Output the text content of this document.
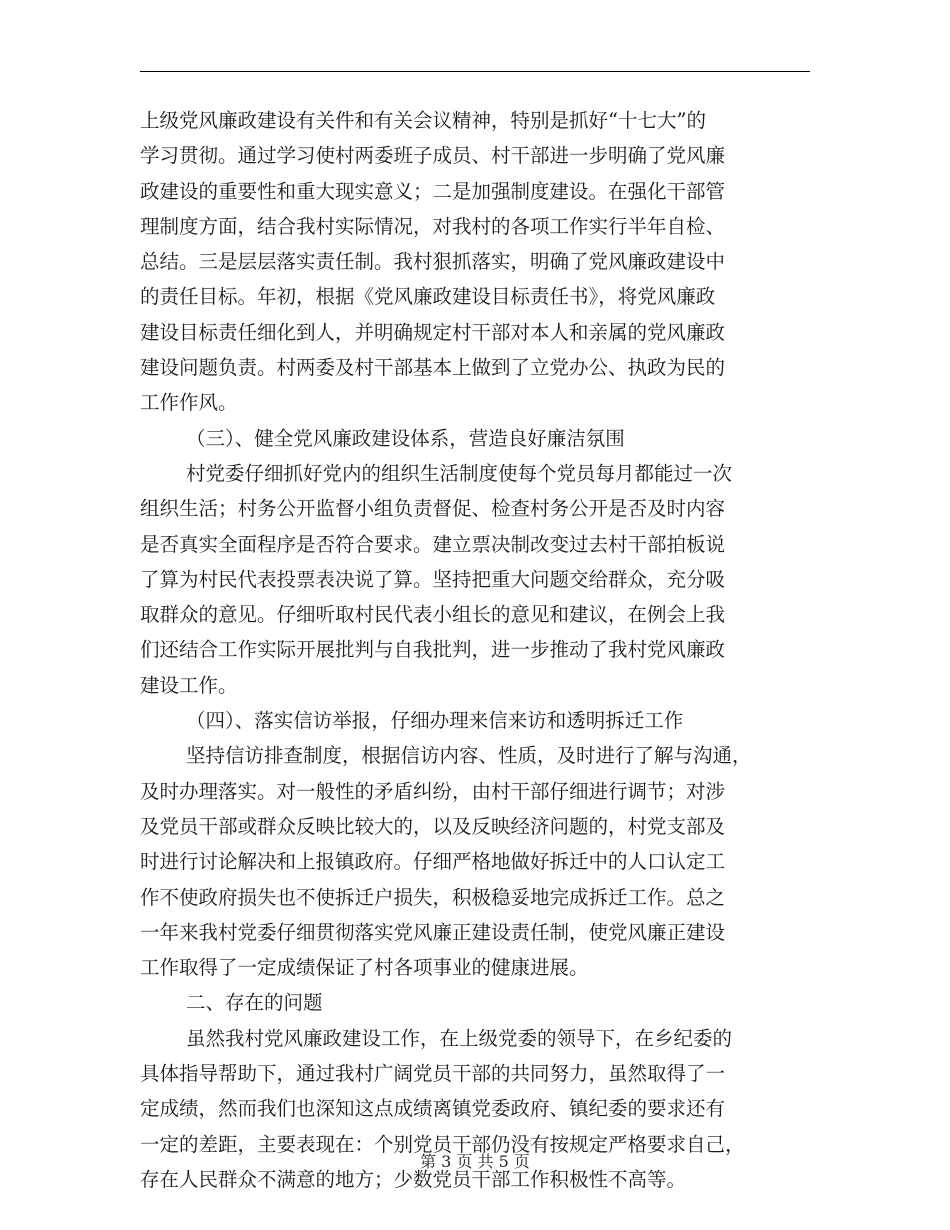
上级党风廉政建设有关件和有关会议精神，特别是抓好“十七大”的
学习贯彻。通过学习使村两委班子成员、村干部进一步明确了党风廉
政建设的重要性和重大现实意义；二是加强制度建设。在强化干部管
理制度方面，结合我村实际情况，对我村的各项工作实行半年自检、
总结。三是层层落实责任制。我村狠抓落实，明确了党风廉政建设中
的责任目标。年初，根据《党风廉政建设目标责任书》，将党风廉政
建设目标责任细化到人，并明确规定村干部对本人和亲属的党风廉政
建设问题负责。村两委及村干部基本上做到了立党办公、执政为民的
工作作风。
（三）、健全党风廉政建设体系，营造良好廉洁氛围
村党委仔细抓好党内的组织生活制度使每个党员每月都能过一次
组织生活；村务公开监督小组负责督促、检查村务公开是否及时内容
是否真实全面程序是否符合要求。建立票决制改变过去村干部拍板说
了算为村民代表投票表决说了算。坚持把重大问题交给群众，充分吸
取群众的意见。仔细听取村民代表小组长的意见和建议，在例会上我
们还结合工作实际开展批判与自我批判，进一步推动了我村党风廉政
建设工作。
（四）、落实信访举报，仔细办理来信来访和透明拆迁工作
坚持信访排查制度，根据信访内容、性质，及时进行了解与沟通，
及时办理落实。对一般性的矛盾纠纷，由村干部仔细进行调节；对涉
及党员干部或群众反映比较大的，以及反映经济问题的，村党支部及
时进行讨论解决和上报镇政府。仔细严格地做好拆迁中的人口认定工
作不使政府损失也不使拆迁户损失，积极稳妥地完成拆迁工作。总之
一年来我村党委仔细贯彻落实党风廉正建设责任制，使党风廉正建设
工作取得了一定成绩保证了村各项事业的健康进展。
二、存在的问题
虽然我村党风廉政建设工作，在上级党委的领导下，在乡纪委的
具体指导帮助下，通过我村广阔党员干部的共同努力，虽然取得了一
定成绩，然而我们也深知这点成绩离镇党委政府、镇纪委的要求还有
一定的差距，主要表现在：个别党员干部仍没有按规定严格要求自己，
存在人民群众不满意的地方；少数党员干部工作积极性不高等。
第 3 页 共 5 页
